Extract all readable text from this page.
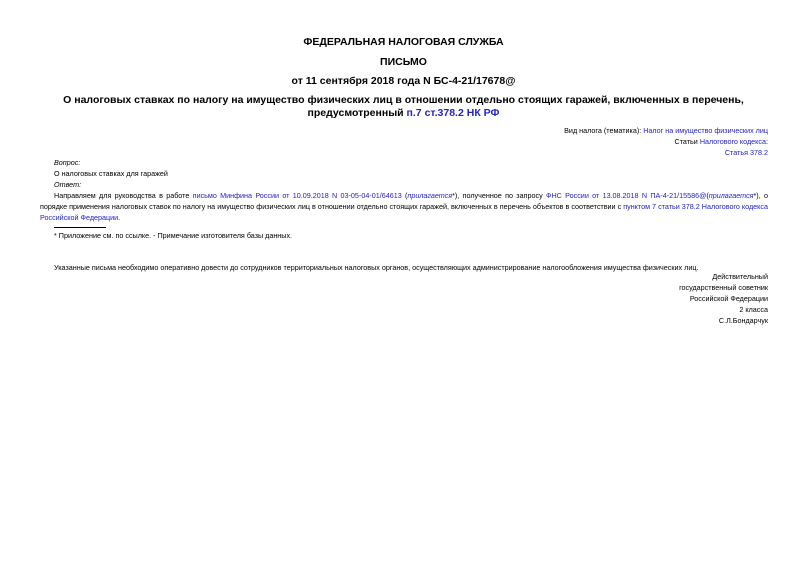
ФЕДЕРАЛЬНАЯ НАЛОГОВАЯ СЛУЖБА
ПИСЬМО
от 11 сентября 2018 года N БС-4-21/17678@
О налоговых ставках по налогу на имущество физических лиц в отношении отдельно стоящих гаражей, включенных в перечень, предусмотренный п.7 ст.378.2 НК РФ
Вид налога (тематика): Налог на имущество физических лиц
Статьи Налогового кодекса:
Статья 378.2
Вопрос:
О налоговых ставках для гаражей
Ответ:
Направляем для руководства в работе письмо Минфина России от 10.09.2018 N 03-05-04-01/64613 (прилагается*), полученное по запросу ФНС России от 13.08.2018 N ПА-4-21/15586@(прилагается*), о порядке применения налоговых ставок по налогу на имущество физических лиц в отношении отдельно стоящих гаражей, включенных в перечень объектов в соответствии с пунктом 7 статьи 378.2 Налогового кодекса Российской Федерации.
* Приложение см. по ссылке. - Примечание изготовителя базы данных.
Указанные письма необходимо оперативно довести до сотрудников территориальных налоговых органов, осуществляющих администрирование налогообложения имущества физических лиц.
Действительный
государственный советник
Российской Федерации
2 класса
С.Л.Бондарчук
